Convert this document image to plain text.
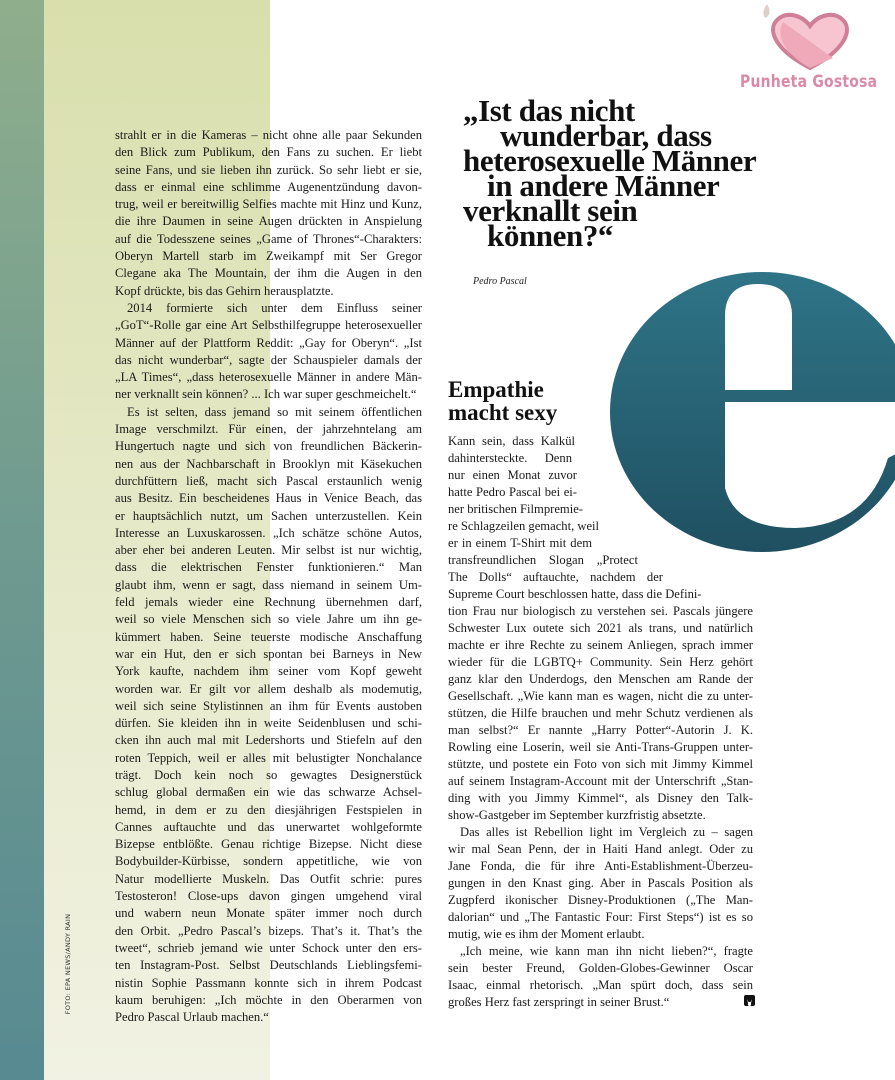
FOTO: EPA NEWS/ANDY RAIN
Punheta Gostosa
„Ist das nicht
wunderbar, dass
heterosexuelle Männer
in andere Männer
verknallt sein
können?“
Pedro Pascal
Empathie
macht sexy
strahlt er in die Kameras – nicht ohne alle paar Sekunden
den Blick zum Publikum, den Fans zu suchen. Er liebt
seine Fans, und sie lieben ihn zurück. So sehr liebt er sie,
dass er einmal eine schlimme Augenentzündung davon-
trug, weil er bereitwillig Selfies machte mit Hinz und Kunz,
die ihre Daumen in seine Augen drückten in Anspielung
auf die Todesszene seines „Game of Thrones“-Charakters:
Oberyn Martell starb im Zweikampf mit Ser Gregor
Clegane aka The Mountain, der ihm die Augen in den
Kopf drückte, bis das Gehirn herausplatzte.
2014 formierte sich unter dem Einfluss seiner
„GoT“-Rolle gar eine Art Selbsthilfegruppe heterosexueller
Männer auf der Plattform Reddit: „Gay for Oberyn“. „Ist
das nicht wunderbar“, sagte der Schauspieler damals der
„LA Times“, „dass heterosexuelle Männer in andere Män-
ner verknallt sein können? ... Ich war super geschmeichelt.“
Es ist selten, dass jemand so mit seinem öffentlichen
Image verschmilzt. Für einen, der jahrzehntelang am
Hungertuch nagte und sich von freundlichen Bäckerin-
nen aus der Nachbarschaft in Brooklyn mit Käsekuchen
durchfüttern ließ, macht sich Pascal erstaunlich wenig
aus Besitz. Ein bescheidenes Haus in Venice Beach, das
er hauptsächlich nutzt, um Sachen unterzustellen. Kein
Interesse an Luxuskarossen. „Ich schätze schöne Autos,
aber eher bei anderen Leuten. Mir selbst ist nur wichtig,
dass die elektrischen Fenster funktionieren.“ Man
glaubt ihm, wenn er sagt, dass niemand in seinem Um-
feld jemals wieder eine Rechnung übernehmen darf,
weil so viele Menschen sich so viele Jahre um ihn ge-
kümmert haben. Seine teuerste modische Anschaffung
war ein Hut, den er sich spontan bei Barneys in New
York kaufte, nachdem ihm seiner vom Kopf geweht
worden war. Er gilt vor allem deshalb als modemutig,
weil sich seine Stylistinnen an ihm für Events austoben
dürfen. Sie kleiden ihn in weite Seidenblusen und schi-
cken ihn auch mal mit Ledershorts und Stiefeln auf den
roten Teppich, weil er alles mit belustigter Nonchalance
trägt. Doch kein noch so gewagtes Designerstück
schlug global dermaßen ein wie das schwarze Achsel-
hemd, in dem er zu den diesjährigen Festspielen in
Cannes auftauchte und das unerwartet wohlgeformte
Bizepse entblößte. Genau richtige Bizepse. Nicht diese
Bodybuilder-Kürbisse, sondern appetitliche, wie von
Natur modellierte Muskeln. Das Outfit schrie: pures
Testosteron! Close-ups davon gingen umgehend viral
und wabern neun Monate später immer noch durch
den Orbit. „Pedro Pascal’s bizeps. That’s it. That’s the
tweet“, schrieb jemand wie unter Schock unter den ers-
ten Instagram-Post. Selbst Deutschlands Lieblingsfemi-
nistin Sophie Passmann konnte sich in ihrem Podcast
kaum beruhigen: „Ich möchte in den Oberarmen von
Pedro Pascal Urlaub machen.“
Kann sein, dass Kalkül
dahintersteckte. Denn
nur einen Monat zuvor
hatte Pedro Pascal bei ei-
ner britischen Filmpremie-
re Schlagzeilen gemacht, weil
er in einem T-Shirt mit dem
transfreundlichen Slogan „Protect
The Dolls“ auftauchte, nachdem der
Supreme Court beschlossen hatte, dass die Defini-
tion Frau nur biologisch zu verstehen sei. Pascals jüngere
Schwester Lux outete sich 2021 als trans, und natürlich
machte er ihre Rechte zu seinem Anliegen, sprach immer
wieder für die LGBTQ+ Community. Sein Herz gehört
ganz klar den Underdogs, den Menschen am Rande der
Gesellschaft. „Wie kann man es wagen, nicht die zu unter-
stützen, die Hilfe brauchen und mehr Schutz verdienen als
man selbst?“ Er nannte „Harry Potter“-Autorin J. K.
Rowling eine Loserin, weil sie Anti-Trans-Gruppen unter-
stützte, und postete ein Foto von sich mit Jimmy Kimmel
auf seinem Instagram-Account mit der Unterschrift „Stan-
ding with you Jimmy Kimmel“, als Disney den Talk-
show-Gastgeber im September kurzfristig absetzte.
Das alles ist Rebellion light im Vergleich zu – sagen
wir mal Sean Penn, der in Haiti Hand anlegt. Oder zu
Jane Fonda, die für ihre Anti-Establishment-Überzeu-
gungen in den Knast ging. Aber in Pascals Position als
Zugpferd ikonischer Disney-Produktionen („The Man-
dalorian“ und „The Fantastic Four: First Steps“) ist es so
mutig, wie es ihm der Moment erlaubt.
„Ich meine, wie kann man ihn nicht lieben?“, fragte
sein bester Freund, Golden-Globes-Gewinner Oscar
Isaac, einmal rhetorisch. „Man spürt doch, dass sein
großes Herz fast zerspringt in seiner Brust.“
